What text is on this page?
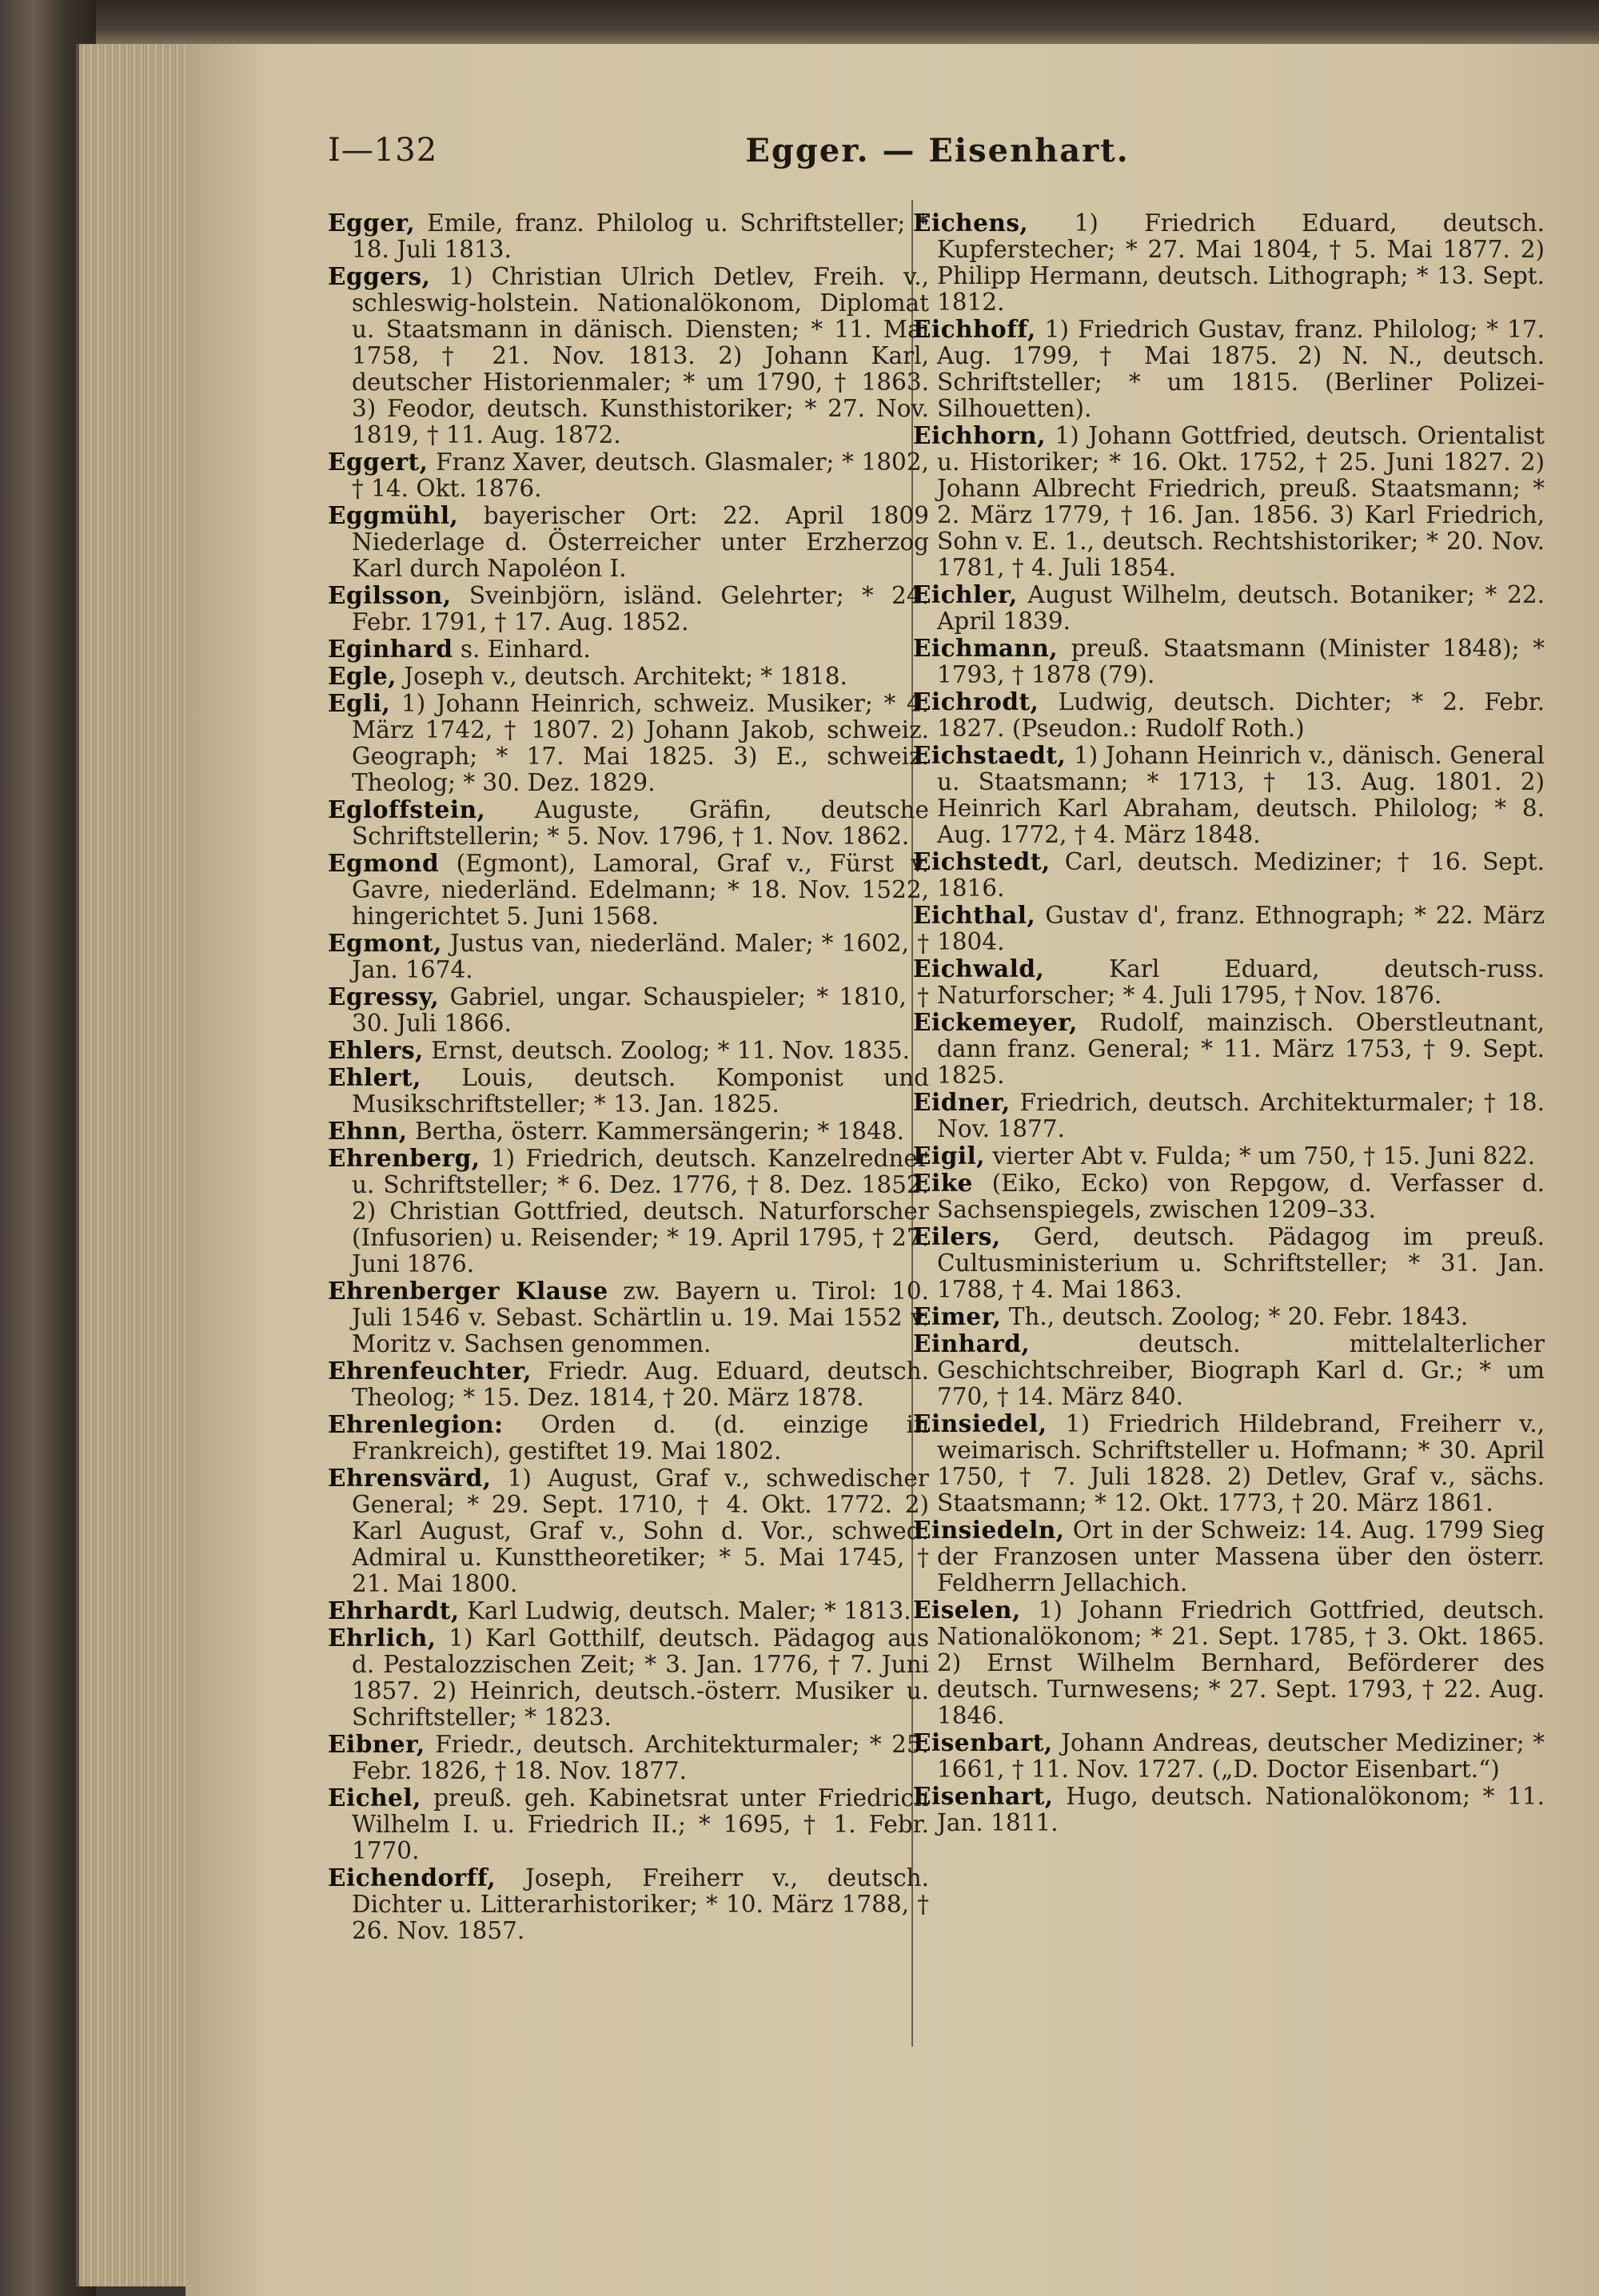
I—132	Egger. — Eisenhart.

Egger, Emile, franz. Philolog u. Schriftsteller; * 18. Juli 1813.

Eggers, 1) Christian Ulrich Detlev, Freih. v., schleswig-holstein. Nationalökonom, Diplomat u. Staatsmann in dänisch. Diensten; * 11. Mai 1758, † 21. Nov. 1813. 2) Johann Karl, deutscher Historienmaler; * um 1790, † 1863. 3) Feodor, deutsch. Kunsthistoriker; * 27. Nov. 1819, † 11. Aug. 1872.

Eggert, Franz Xaver, deutsch. Glasmaler; * 1802, † 14. Okt. 1876.

Eggmühl, bayerischer Ort: 22. April 1809 Niederlage d. Österreicher unter Erzherzog Karl durch Napoléon I.

Egilsson, Sveinbjörn, isländ. Gelehrter; * 24. Febr. 1791, † 17. Aug. 1852.

Eginhard s. Einhard.

Egle, Joseph v., deutsch. Architekt; * 1818.

Egli, 1) Johann Heinrich, schweiz. Musiker; * 4. März 1742, † 1807. 2) Johann Jakob, schweiz. Geograph; * 17. Mai 1825. 3) E., schweiz. Theolog; * 30. Dez. 1829.

Egloffstein, Auguste, Gräfin, deutsche Schriftstellerin; * 5. Nov. 1796, † 1. Nov. 1862.

Egmond (Egmont), Lamoral, Graf v., Fürst v. Gavre, niederländ. Edelmann; * 18. Nov. 1522, hingerichtet 5. Juni 1568.

Egmont, Justus van, niederländ. Maler; * 1602, † Jan. 1674.

Egressy, Gabriel, ungar. Schauspieler; * 1810, † 30. Juli 1866.

Ehlers, Ernst, deutsch. Zoolog; * 11. Nov. 1835.

Ehlert, Louis, deutsch. Komponist und Musikschriftsteller; * 13. Jan. 1825.

Ehnn, Bertha, österr. Kammersängerin; * 1848.

Ehrenberg, 1) Friedrich, deutsch. Kanzelredner u. Schriftsteller; * 6. Dez. 1776, † 8. Dez. 1852. 2) Christian Gottfried, deutsch. Naturforscher (Infusorien) u. Reisender; * 19. April 1795, † 27. Juni 1876.

Ehrenberger Klause zw. Bayern u. Tirol: 10. Juli 1546 v. Sebast. Schärtlin u. 19. Mai 1552 v. Moritz v. Sachsen genommen.

Ehrenfeuchter, Friedr. Aug. Eduard, deutsch. Theolog; * 15. Dez. 1814, † 20. März 1878.

Ehrenlegion: Orden d. (d. einzige in Frankreich), gestiftet 19. Mai 1802.

Ehrensvärd, 1) August, Graf v., schwedischer General; * 29. Sept. 1710, † 4. Okt. 1772. 2) Karl August, Graf v., Sohn d. Vor., schwed. Admiral u. Kunsttheoretiker; * 5. Mai 1745, † 21. Mai 1800.

Ehrhardt, Karl Ludwig, deutsch. Maler; * 1813.

Ehrlich, 1) Karl Gotthilf, deutsch. Pädagog aus d. Pestalozzischen Zeit; * 3. Jan. 1776, † 7. Juni 1857. 2) Heinrich, deutsch.-österr. Musiker u. Schriftsteller; * 1823.

Eibner, Friedr., deutsch. Architekturmaler; * 25. Febr. 1826, † 18. Nov. 1877.

Eichel, preuß. geh. Kabinetsrat unter Friedrich Wilhelm I. u. Friedrich II.; * 1695, † 1. Febr. 1770.

Eichendorff, Joseph, Freiherr v., deutsch. Dichter u. Litterarhistoriker; * 10. März 1788, † 26. Nov. 1857.

Eichens, 1) Friedrich Eduard, deutsch. Kupferstecher; * 27. Mai 1804, † 5. Mai 1877. 2) Philipp Hermann, deutsch. Lithograph; * 13. Sept. 1812.

Eichhoff, 1) Friedrich Gustav, franz. Philolog; * 17. Aug. 1799, † Mai 1875. 2) N. N., deutsch. Schriftsteller; * um 1815. (Berliner Polizei-Silhouetten).

Eichhorn, 1) Johann Gottfried, deutsch. Orientalist u. Historiker; * 16. Okt. 1752, † 25. Juni 1827. 2) Johann Albrecht Friedrich, preuß. Staatsmann; * 2. März 1779, † 16. Jan. 1856. 3) Karl Friedrich, Sohn v. E. 1., deutsch. Rechtshistoriker; * 20. Nov. 1781, † 4. Juli 1854.

Eichler, August Wilhelm, deutsch. Botaniker; * 22. April 1839.

Eichmann, preuß. Staatsmann (Minister 1848); * 1793, † 1878 (79).

Eichrodt, Ludwig, deutsch. Dichter; * 2. Febr. 1827. (Pseudon.: Rudolf Roth.)

Eichstaedt, 1) Johann Heinrich v., dänisch. General u. Staatsmann; * 1713, † 13. Aug. 1801. 2) Heinrich Karl Abraham, deutsch. Philolog; * 8. Aug. 1772, † 4. März 1848.

Eichstedt, Carl, deutsch. Mediziner; † 16. Sept. 1816.

Eichthal, Gustav d', franz. Ethnograph; * 22. März 1804.

Eichwald,	Karl Eduard, deutsch-russ. Naturforscher; * 4. Juli 1795, † Nov. 1876.

Eickemeyer, Rudolf, mainzisch. Oberstleutnant, dann franz. General; * 11. März 1753, † 9. Sept. 1825.

Eidner, Friedrich, deutsch. Architekturmaler; † 18. Nov. 1877.

Eigil, vierter Abt v. Fulda; * um 750, † 15. Juni 822.

Eike (Eiko, Ecko) von Repgow, d. Verfasser d. Sachsenspiegels, zwischen 1209–33.

Eilers, Gerd, deutsch. Pädagog im preuß. Cultusministerium u. Schriftsteller; * 31. Jan. 1788, † 4. Mai 1863.

Eimer, Th., deutsch. Zoolog; * 20. Febr. 1843.

Einhard,	deutsch. mittelalterlicher Geschichtschreiber, Biograph Karl d. Gr.; * um 770, † 14. März 840.

Einsiedel, 1) Friedrich Hildebrand, Freiherr v., weimarisch. Schriftsteller u. Hofmann; * 30. April 1750, † 7. Juli 1828. 2) Detlev, Graf v., sächs. Staatsmann; * 12. Okt. 1773, † 20. März 1861.

Einsiedeln, Ort in der Schweiz: 14. Aug. 1799 Sieg der Franzosen unter Massena über den österr. Feldherrn Jellachich.

Eiselen, 1) Johann Friedrich Gottfried, deutsch. Nationalökonom; * 21. Sept. 1785, † 3. Okt. 1865. 2) Ernst Wilhelm Bernhard, Beförderer des deutsch. Turnwesens; * 27. Sept. 1793, † 22. Aug. 1846.

Eisenbart, Johann Andreas, deutscher Mediziner; * 1661, † 11. Nov. 1727. („D. Doctor Eisenbart.“)

Eisenhart, Hugo, deutsch. Nationalökonom; * 11. Jan. 1811.
